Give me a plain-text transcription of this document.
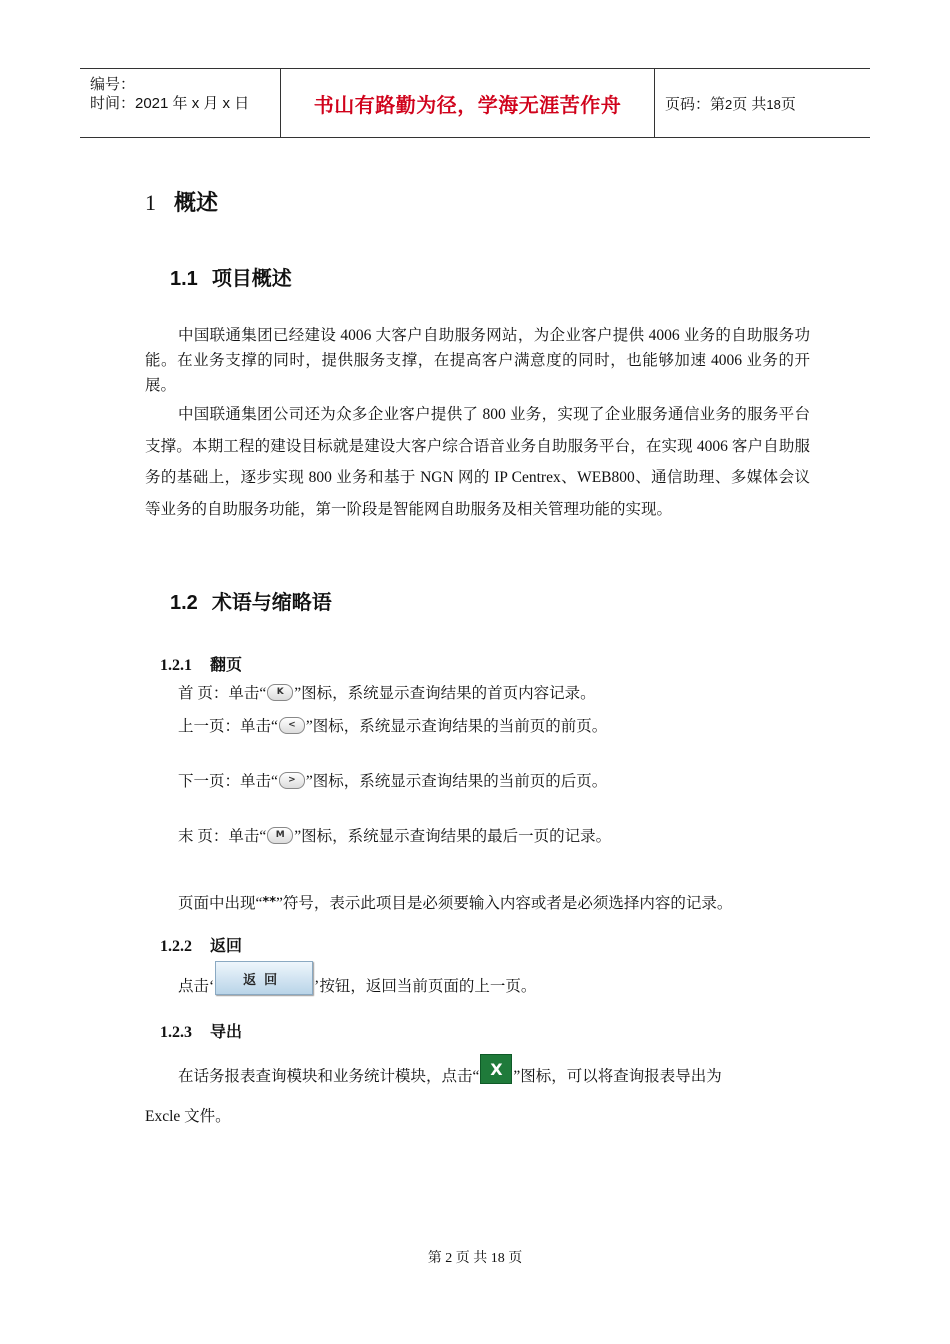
编号：
时间：2021 年 x 月 x 日	书山有路勤为径，学海无涯苦作舟	页码：第2页 共18页
1 概述
1.1 项目概述

中国联通集团已经建设 4006 大客户自助服务网站，为企业客户提供 4006 业务的自助服务功能。在业务支撑的同时，提供服务支撑，在提高客户满意度的同时，也能够加速 4006 业务的开展。

中国联通集团公司还为众多企业客户提供了 800 业务，实现了企业服务通信业务的服务平台支撑。本期工程的建设目标就是建设大客户综合语音业务自助服务平台，在实现 4006 客户自助服务的基础上，逐步实现 800 业务和基于 NGN 网的 IP Centrex、WEB800、通信助理、多媒体会议等业务的自助服务功能，第一阶段是智能网自助服务及相关管理功能的实现。

1.2 术语与缩略语
1.2.1 翻页
首 页：单击“	K ”图标，系统显示查询结果的首页内容记录。
上一页：单击“	< ”图标，系统显示查询结果的当前页的前页。
下一页：单击“	> ”图标，系统显示查询结果的当前页的后页。
末 页：单击“	M ”图标，系统显示查询结果的最后一页的记录。
页面中出现“ ** ”符号，表示此项目是必须要输入内容或者是必须选择内容的记录。
1.2.2 返回
点击‘	返回	’按钮，返回当前页面的上一页。
1.2.3 导出
在话务报表查询模块和业务统计模块，点击“ X ”图标，可以将查询报表导出为
Excle 文件。
第 2 页 共 18 页
